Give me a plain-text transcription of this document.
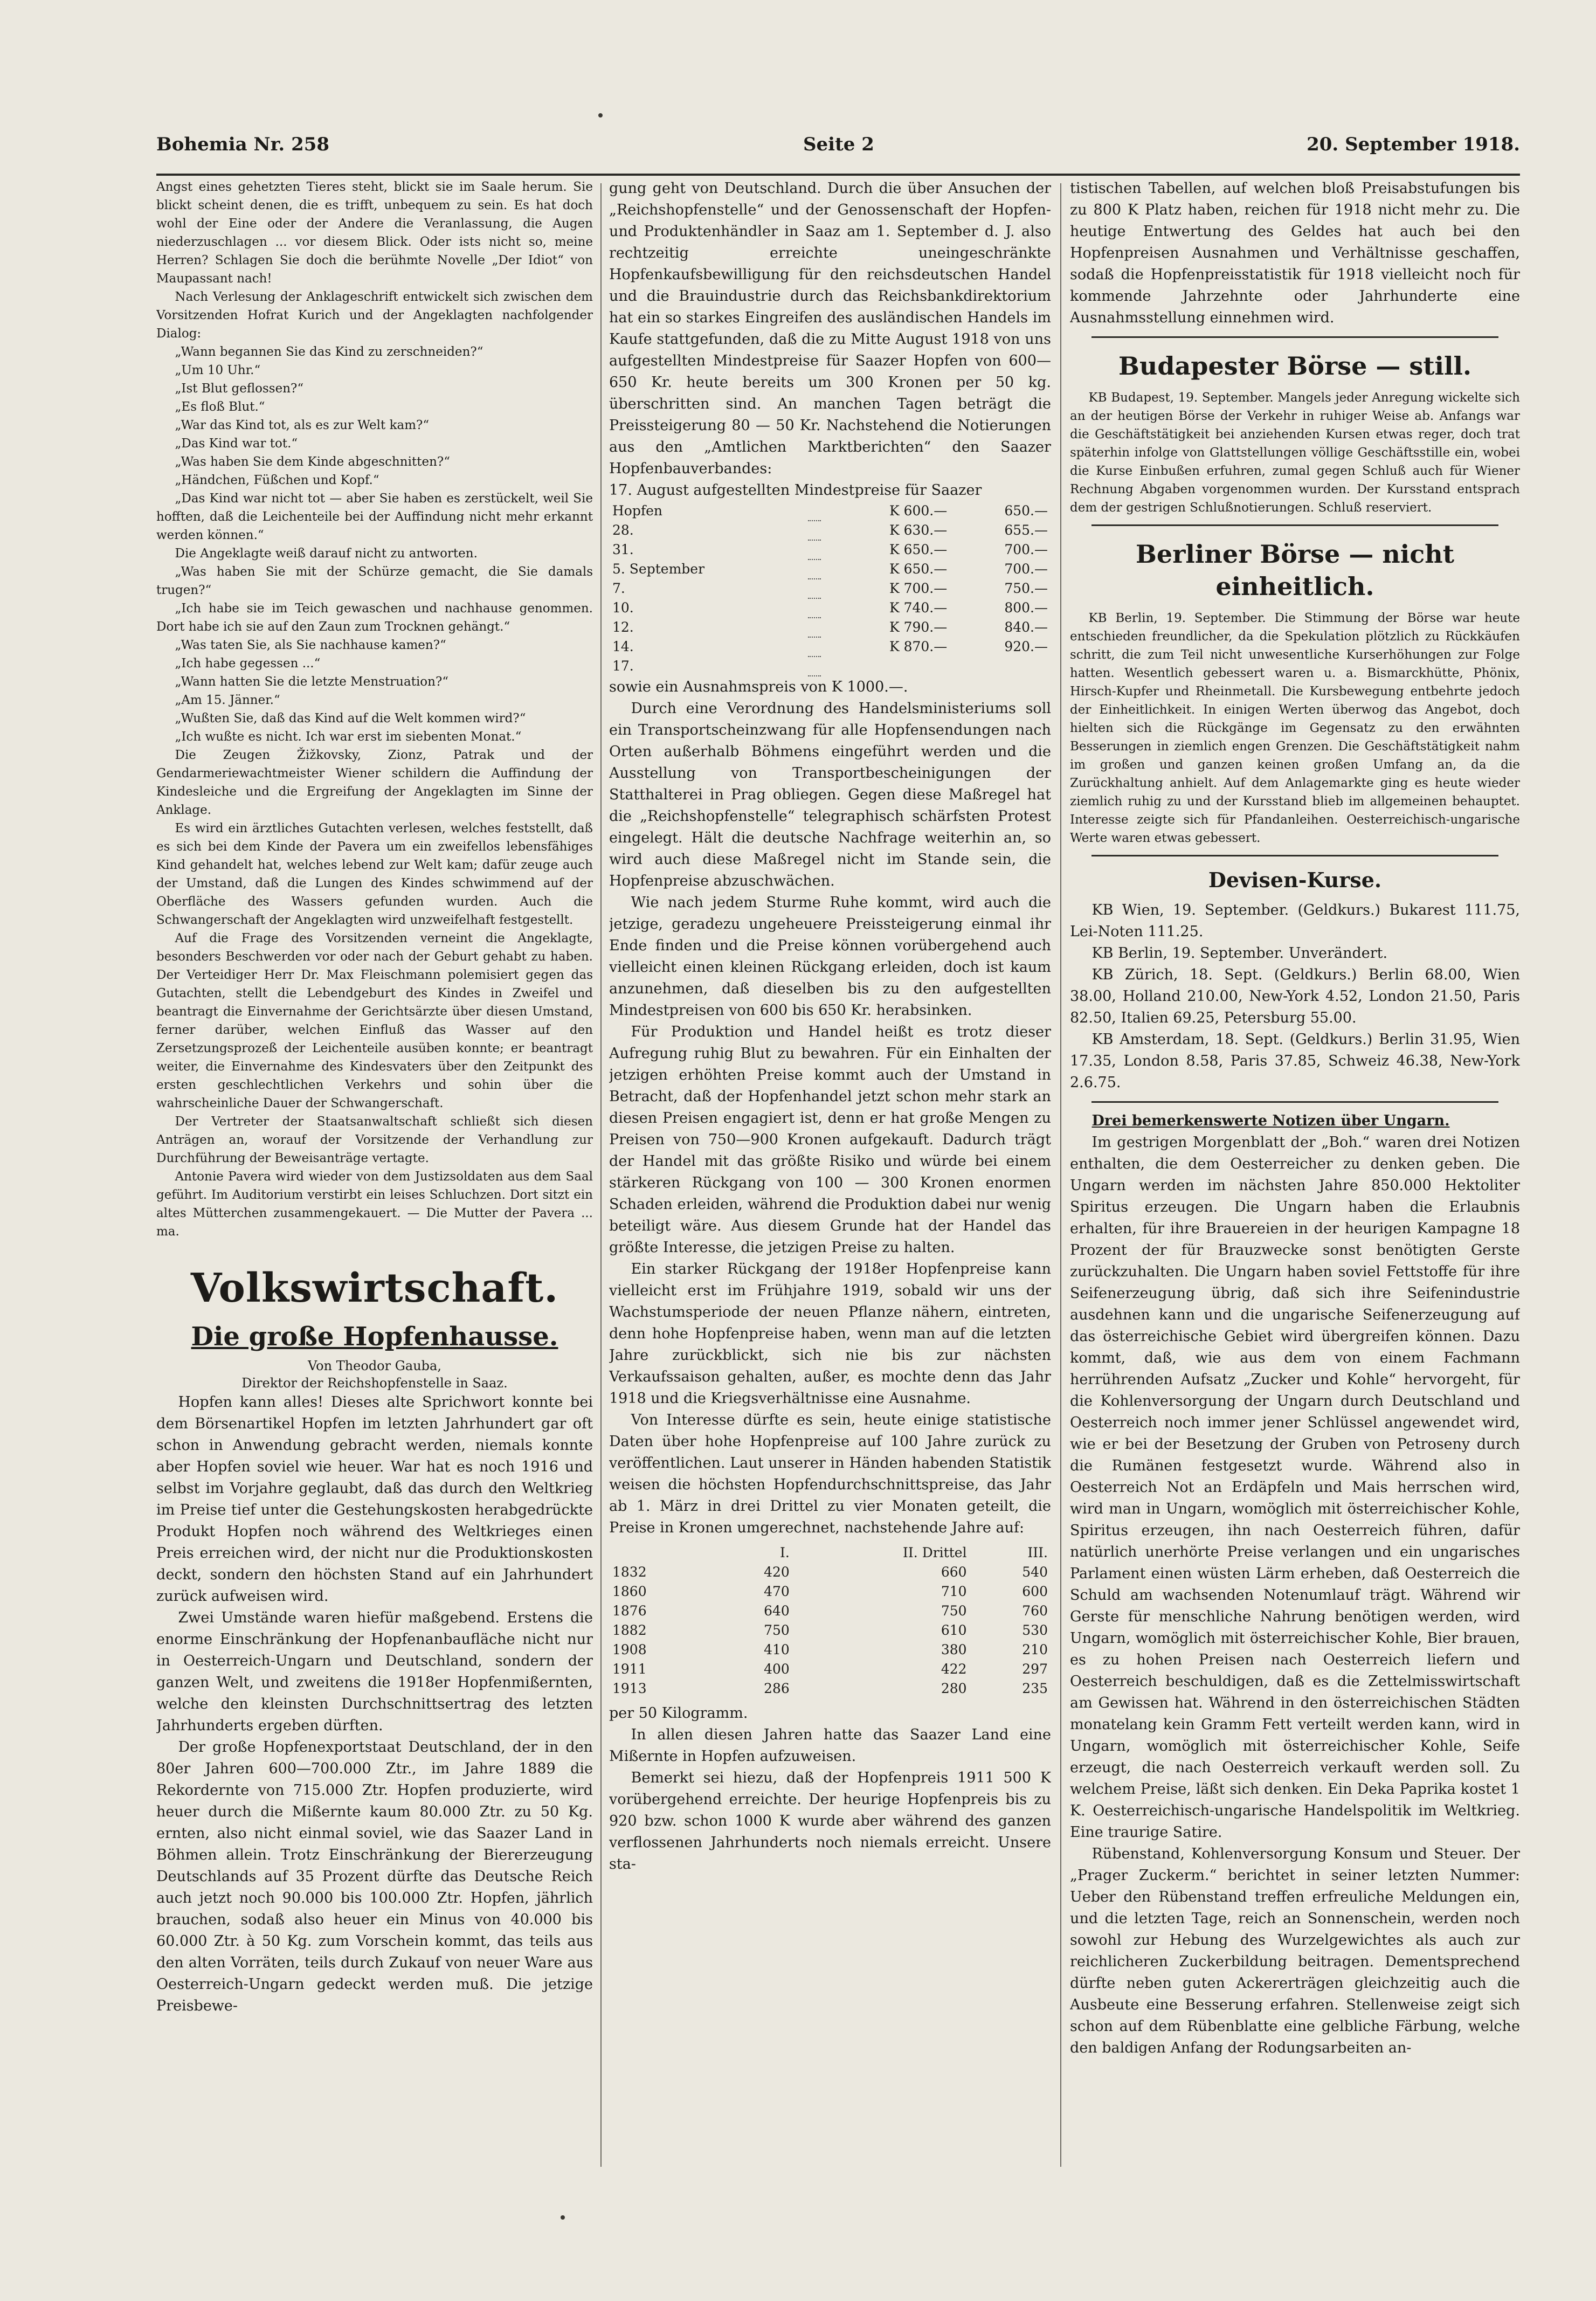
Bohemia Nr. 258	Seite 2	20. September 1918.

Angst eines gehetzten Tieres steht, blickt sie im Saale herum. Sie blickt scheint denen, die es trifft, unbequem zu sein. Es hat doch wohl der Eine oder der Andere die Veranlassung, die Augen niederzuschlagen ... vor diesem Blick. Oder ists nicht so, meine Herren? Schlagen Sie doch die berühmte Novelle „Der Idiot“ von Maupassant nach!

Nach Verlesung der Anklageschrift entwickelt sich zwischen dem Vorsitzenden Hofrat Kurich und der Angeklagten nachfolgender Dialog:

„Wann begannen Sie das Kind zu zerschneiden?“

„Um 10 Uhr.“

„Ist Blut geflossen?“

„Es floß Blut.“

„War das Kind tot, als es zur Welt kam?“

„Das Kind war tot.“

„Was haben Sie dem Kinde abgeschnitten?“

„Händchen, Füßchen und Kopf.“

„Das Kind war nicht tot — aber Sie haben es zerstückelt, weil Sie hofften, daß die Leichenteile bei der Auffindung nicht mehr erkannt werden können.“

Die Angeklagte weiß darauf nicht zu antworten.

„Was haben Sie mit der Schürze gemacht, die Sie damals trugen?“

„Ich habe sie im Teich gewaschen und nachhause genommen. Dort habe ich sie auf den Zaun zum Trocknen gehängt.“

„Was taten Sie, als Sie nachhause kamen?“

„Ich habe gegessen ...“

„Wann hatten Sie die letzte Menstruation?“

„Am 15. Jänner.“

„Wußten Sie, daß das Kind auf die Welt kommen wird?“

„Ich wußte es nicht. Ich war erst im siebenten Monat.“

Die Zeugen Žižkovsky, Zionz, Patrak und der Gendarmeriewachtmeister Wiener schildern die Auffindung der Kindesleiche und die Ergreifung der Angeklagten im Sinne der Anklage.

Es wird ein ärztliches Gutachten verlesen, welches feststellt, daß es sich bei dem Kinde der Pavera um ein zweifellos lebensfähiges Kind gehandelt hat, welches lebend zur Welt kam; dafür zeuge auch der Umstand, daß die Lungen des Kindes schwimmend auf der Oberfläche des Wassers gefunden wurden. Auch die Schwangerschaft der Angeklagten wird unzweifelhaft festgestellt.

Auf die Frage des Vorsitzenden verneint die Angeklagte, besonders Beschwerden vor oder nach der Geburt gehabt zu haben. Der Verteidiger Herr Dr. Max Fleischmann polemisiert gegen das Gutachten, stellt die Lebendgeburt des Kindes in Zweifel und beantragt die Einvernahme der Gerichtsärzte über diesen Umstand, ferner darüber, welchen Einfluß das Wasser auf den Zersetzungsprozeß der Leichenteile ausüben konnte; er beantragt weiter, die Einvernahme des Kindesvaters über den Zeitpunkt des ersten geschlechtlichen Verkehrs und sohin über die wahrscheinliche Dauer der Schwangerschaft.

Der Vertreter der Staatsanwaltschaft schließt sich diesen Anträgen an, worauf der Vorsitzende der Verhandlung zur Durchführung der Beweisanträge vertagte.

Antonie Pavera wird wieder von dem Justizsoldaten aus dem Saal geführt. Im Auditorium verstirbt ein leises Schluchzen. Dort sitzt ein altes Mütterchen zusammengekauert. — Die Mutter der Pavera ... ma.

Volkswirtschaft.
Die große Hopfenhausse.
Von Theodor Gauba,
Direktor der Reichshopfenstelle in Saaz.

Hopfen kann alles! Dieses alte Sprichwort konnte bei dem Börsenartikel Hopfen im letzten Jahrhundert gar oft schon in Anwendung gebracht werden, niemals konnte aber Hopfen soviel wie heuer. War hat es noch 1916 und selbst im Vorjahre geglaubt, daß das durch den Weltkrieg im Preise tief unter die Gestehungskosten herabgedrückte Produkt Hopfen noch während des Weltkrieges einen Preis erreichen wird, der nicht nur die Produktionskosten deckt, sondern den höchsten Stand auf ein Jahrhundert zurück aufweisen wird.

Zwei Umstände waren hiefür maßgebend. Erstens die enorme Einschränkung der Hopfenanbaufläche nicht nur in Oesterreich-Ungarn und Deutschland, sondern der ganzen Welt, und zweitens die 1918er Hopfenmißernten, welche den kleinsten Durchschnittsertrag des letzten Jahrhunderts ergeben dürften.

Der große Hopfenexportstaat Deutschland, der in den 80er Jahren 600—700.000 Ztr., im Jahre 1889 die Rekordernte von 715.000 Ztr. Hopfen produzierte, wird heuer durch die Mißernte kaum 80.000 Ztr. zu 50 Kg. ernten, also nicht einmal soviel, wie das Saazer Land in Böhmen allein. Trotz Einschränkung der Biererzeugung Deutschlands auf 35 Prozent dürfte das Deutsche Reich auch jetzt noch 90.000 bis 100.000 Ztr. Hopfen, jährlich brauchen, sodaß also heuer ein Minus von 40.000 bis 60.000 Ztr. à 50 Kg. zum Vorschein kommt, das teils aus den alten Vorräten, teils durch Zukauf von neuer Ware aus Oesterreich-Ungarn gedeckt werden muß. Die jetzige Preisbewe-

gung geht von Deutschland. Durch die über Ansuchen der „Reichshopfenstelle“ und der Genossenschaft der Hopfen- und Produktenhändler in Saaz am 1. September d. J. also rechtzeitig erreichte uneingeschränkte Hopfenkaufsbewilligung für den reichsdeutschen Handel und die Brauindustrie durch das Reichsbankdirektorium hat ein so starkes Eingreifen des ausländischen Handels im Kaufe stattgefunden, daß die zu Mitte August 1918 von uns aufgestellten Mindestpreise für Saazer Hopfen von 600—650 Kr. heute bereits um 300 Kronen per 50 kg. überschritten sind. An manchen Tagen beträgt die Preissteigerung 80 — 50 Kr. Nachstehend die Notierungen aus den „Amtlichen Marktberichten“ den Saazer Hopfenbauverbandes:

17. August aufgestellten Mindestpreise für Saazer
Hopfen		K 600.—	650.—
28.		K 630.—	655.—
31.		K 650.—	700.—
5. September		K 650.—	700.—
7.		K 700.—	750.—
10.		K 740.—	800.—
12.		K 790.—	840.—
14.		K 870.—	920.—
17.			
sowie ein Ausnahmspreis von K 1000.—.

Durch eine Verordnung des Handelsministeriums soll ein Transportscheinzwang für alle Hopfensendungen nach Orten außerhalb Böhmens eingeführt werden und die Ausstellung von Transportbescheinigungen der Statthalterei in Prag obliegen. Gegen diese Maßregel hat die „Reichshopfenstelle“ telegraphisch schärfsten Protest eingelegt. Hält die deutsche Nachfrage weiterhin an, so wird auch diese Maßregel nicht im Stande sein, die Hopfenpreise abzuschwächen.

Wie nach jedem Sturme Ruhe kommt, wird auch die jetzige, geradezu ungeheuere Preissteigerung einmal ihr Ende finden und die Preise können vorübergehend auch vielleicht einen kleinen Rückgang erleiden, doch ist kaum anzunehmen, daß dieselben bis zu den aufgestellten Mindestpreisen von 600 bis 650 Kr. herabsinken.

Für Produktion und Handel heißt es trotz dieser Aufregung ruhig Blut zu bewahren. Für ein Einhalten der jetzigen erhöhten Preise kommt auch der Umstand in Betracht, daß der Hopfenhandel jetzt schon mehr stark an diesen Preisen engagiert ist, denn er hat große Mengen zu Preisen von 750—900 Kronen aufgekauft. Dadurch trägt der Handel mit das größte Risiko und würde bei einem stärkeren Rückgang von 100 — 300 Kronen enormen Schaden erleiden, während die Produktion dabei nur wenig beteiligt wäre. Aus diesem Grunde hat der Handel das größte Interesse, die jetzigen Preise zu halten.

Ein starker Rückgang der 1918er Hopfenpreise kann vielleicht erst im Frühjahre 1919, sobald wir uns der Wachstumsperiode der neuen Pflanze nähern, eintreten, denn hohe Hopfenpreise haben, wenn man auf die letzten Jahre zurückblickt, sich nie bis zur nächsten Verkaufssaison gehalten, außer, es mochte denn das Jahr 1918 und die Kriegsverhältnisse eine Ausnahme.

Von Interesse dürfte es sein, heute einige statistische Daten über hohe Hopfenpreise auf 100 Jahre zurück zu veröffentlichen. Laut unserer in Händen habenden Statistik weisen die höchsten Hopfendurchschnittspreise, das Jahr ab 1. März in drei Drittel zu vier Monaten geteilt, die Preise in Kronen umgerechnet, nachstehende Jahre auf:

	I.	II. Drittel	III.
1832	420	660	540
1860	470	710	600
1876	640	750	760
1882	750	610	530
1908	410	380	210
1911	400	422	297
1913	286	280	235
per 50 Kilogramm.

In allen diesen Jahren hatte das Saazer Land eine Mißernte in Hopfen aufzuweisen.

Bemerkt sei hiezu, daß der Hopfenpreis 1911 500 K vorübergehend erreichte. Der heurige Hopfenpreis bis zu 920 bzw. schon 1000 K wurde aber während des ganzen verflossenen Jahrhunderts noch niemals erreicht. Unsere sta-

tistischen Tabellen, auf welchen bloß Preisabstufungen bis zu 800 K Platz haben, reichen für 1918 nicht mehr zu. Die heutige Entwertung des Geldes hat auch bei den Hopfenpreisen Ausnahmen und Verhältnisse geschaffen, sodaß die Hopfenpreisstatistik für 1918 vielleicht noch für kommende Jahrzehnte oder Jahrhunderte eine Ausnahmsstellung einnehmen wird.

Budapester Börse — still.

KB Budapest, 19. September. Mangels jeder Anregung wickelte sich an der heutigen Börse der Verkehr in ruhiger Weise ab. Anfangs war die Geschäftstätigkeit bei anziehenden Kursen etwas reger, doch trat späterhin infolge von Glattstellungen völlige Geschäftsstille ein, wobei die Kurse Einbußen erfuhren, zumal gegen Schluß auch für Wiener Rechnung Abgaben vorgenommen wurden. Der Kursstand entsprach dem der gestrigen Schlußnotierungen. Schluß reserviert.

Berliner Börse — nicht einheitlich.

KB Berlin, 19. September. Die Stimmung der Börse war heute entschieden freundlicher, da die Spekulation plötzlich zu Rückkäufen schritt, die zum Teil nicht unwesentliche Kurserhöhungen zur Folge hatten. Wesentlich gebessert waren u. a. Bismarckhütte, Phönix, Hirsch-Kupfer und Rheinmetall. Die Kursbewegung entbehrte jedoch der Einheitlichkeit. In einigen Werten überwog das Angebot, doch hielten sich die Rückgänge im Gegensatz zu den erwähnten Besserungen in ziemlich engen Grenzen. Die Geschäftstätigkeit nahm im großen und ganzen keinen großen Umfang an, da die Zurückhaltung anhielt. Auf dem Anlagemarkte ging es heute wieder ziemlich ruhig zu und der Kursstand blieb im allgemeinen behauptet. Interesse zeigte sich für Pfandanleihen. Oesterreichisch-ungarische Werte waren etwas gebessert.

Devisen-Kurse.

KB Wien, 19. September. (Geldkurs.) Bukarest 111.75, Lei-Noten 111.25.

KB Berlin, 19. September. Unverändert.

KB Zürich, 18. Sept. (Geldkurs.) Berlin 68.00, Wien 38.00, Holland 210.00, New-York 4.52, London 21.50, Paris 82.50, Italien 69.25, Petersburg 55.00.

KB Amsterdam, 18. Sept. (Geldkurs.) Berlin 31.95, Wien 17.35, London 8.58, Paris 37.85, Schweiz 46.38, New-York 2.6.75.

Drei bemerkenswerte Notizen über Ungarn.

Im gestrigen Morgenblatt der „Boh.“ waren drei Notizen enthalten, die dem Oesterreicher zu denken geben. Die Ungarn werden im nächsten Jahre 850.000 Hektoliter Spiritus erzeugen. Die Ungarn haben die Erlaubnis erhalten, für ihre Brauereien in der heurigen Kampagne 18 Prozent der für Brauzwecke sonst benötigten Gerste zurückzuhalten. Die Ungarn haben soviel Fettstoffe für ihre Seifenerzeugung übrig, daß sich ihre Seifenindustrie ausdehnen kann und die ungarische Seifenerzeugung auf das österreichische Gebiet wird übergreifen können. Dazu kommt, daß, wie aus dem von einem Fachmann herrührenden Aufsatz „Zucker und Kohle“ hervorgeht, für die Kohlenversorgung der Ungarn durch Deutschland und Oesterreich noch immer jener Schlüssel angewendet wird, wie er bei der Besetzung der Gruben von Petroseny durch die Rumänen festgesetzt wurde. Während also in Oesterreich Not an Erdäpfeln und Mais herrschen wird, wird man in Ungarn, womöglich mit österreichischer Kohle, Spiritus erzeugen, ihn nach Oesterreich führen, dafür natürlich unerhörte Preise verlangen und ein ungarisches Parlament einen wüsten Lärm erheben, daß Oesterreich die Schuld am wachsenden Notenumlauf trägt. Während wir Gerste für menschliche Nahrung benötigen werden, wird Ungarn, womöglich mit österreichischer Kohle, Bier brauen, es zu hohen Preisen nach Oesterreich liefern und Oesterreich beschuldigen, daß es die Zettelmisswirtschaft am Gewissen hat. Während in den österreichischen Städten monatelang kein Gramm Fett verteilt werden kann, wird in Ungarn, womöglich mit österreichischer Kohle, Seife erzeugt, die nach Oesterreich verkauft werden soll. Zu welchem Preise, läßt sich denken. Ein Deka Paprika kostet 1 K. Oesterreichisch-ungarische Handelspolitik im Weltkrieg. Eine traurige Satire.

Rübenstand, Kohlenversorgung Konsum und Steuer. Der „Prager Zuckerm.“ berichtet in seiner letzten Nummer: Ueber den Rübenstand treffen erfreuliche Meldungen ein, und die letzten Tage, reich an Sonnenschein, werden noch sowohl zur Hebung des Wurzelgewichtes als auch zur reichlicheren Zuckerbildung beitragen. Dementsprechend dürfte neben guten Ackererträgen gleichzeitig auch die Ausbeute eine Besserung erfahren. Stellenweise zeigt sich schon auf dem Rübenblatte eine gelbliche Färbung, welche den baldigen Anfang der Rodungsarbeiten an-
